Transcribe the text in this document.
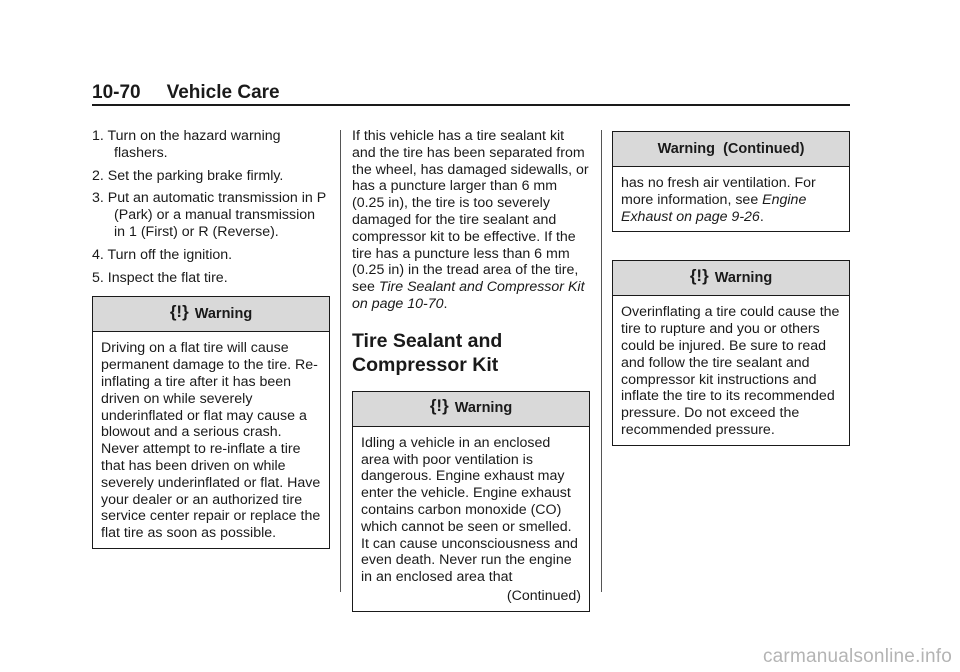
10-70 Vehicle Care
1. Turn on the hazard warning flashers.
2. Set the parking brake firmly.
3. Put an automatic transmission in P (Park) or a manual transmission in 1 (First) or R (Reverse).
4. Turn off the ignition.
5. Inspect the flat tire.
{!} Warning
Driving on a flat tire will cause permanent damage to the tire. Re-inflating a tire after it has been driven on while severely underinflated or flat may cause a blowout and a serious crash. Never attempt to re-inflate a tire that has been driven on while severely underinflated or flat. Have your dealer or an authorized tire service center repair or replace the flat tire as soon as possible.

If this vehicle has a tire sealant kit and the tire has been separated from the wheel, has damaged sidewalls, or has a puncture larger than 6 mm (0.25 in), the tire is too severely damaged for the tire sealant and compressor kit to be effective. If the tire has a puncture less than 6 mm (0.25 in) in the tread area of the tire, see Tire Sealant and Compressor Kit on page 10-70.

Tire Sealant and Compressor Kit
{!} Warning
Idling a vehicle in an enclosed area with poor ventilation is dangerous. Engine exhaust may enter the vehicle. Engine exhaust contains carbon monoxide (CO) which cannot be seen or smelled. It can cause unconsciousness and even death. Never run the engine in an enclosed area that
(Continued)
Warning  (Continued)
has no fresh air ventilation. For more information, see Engine Exhaust on page 9-26.
{!} Warning
Overinflating a tire could cause the tire to rupture and you or others could be injured. Be sure to read and follow the tire sealant and compressor kit instructions and inflate the tire to its recommended pressure. Do not exceed the recommended pressure.
carmanualsonline.info
